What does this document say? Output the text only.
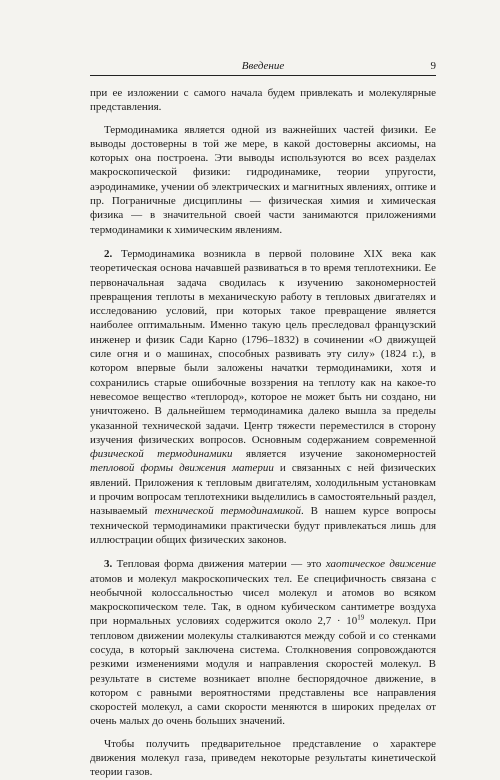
Введение	9

при ее изложении с самого начала будем привлекать и молекулярные представления.

Термодинамика является одной из важнейших частей физики. Ее выводы достоверны в той же мере, в какой достоверны аксиомы, на которых она построена. Эти выводы используются во всех разделах макроскопической физики: гидродинамике, теории упругости, аэродинамике, учении об электрических и магнитных явлениях, оптике и пр. Пограничные дисциплины — физическая химия и химическая физика — в значительной своей части занимаются приложениями термодинамики к химическим явлениям.

2. Термодинамика возникла в первой половине XIX века как теоретическая основа начавшей развиваться в то время теплотехники. Ее первоначальная задача сводилась к изучению закономерностей превращения теплоты в механическую работу в тепловых двигателях и исследованию условий, при которых такое превращение является наиболее оптимальным. Именно такую цель преследовал французский инженер и физик Сади Карно (1796–1832) в сочинении «О движущей силе огня и о машинах, способных развивать эту силу» (1824 г.), в котором впервые были заложены начатки термодинамики, хотя и сохранились старые ошибочные воззрения на теплоту как на какое-то невесомое вещество «теплород», которое не может быть ни создано, ни уничтожено. В дальнейшем термодинамика далеко вышла за пределы указанной технической задачи. Центр тяжести переместился в сторону изучения физических вопросов. Основным содержанием современной физической термодинамики является изучение закономерностей тепловой формы движения материи и связанных с ней физических явлений. Приложения к тепловым двигателям, холодильным установкам и прочим вопросам теплотехники выделились в самостоятельный раздел, называемый технической термодинамикой. В нашем курсе вопросы технической термодинамики практически будут привлекаться лишь для иллюстрации общих физических законов.

3. Тепловая форма движения материи — это хаотическое движение атомов и молекул макроскопических тел. Ее специфичность связана с необычной колоссальностью чисел молекул и атомов во всяком макроскопическом теле. Так, в одном кубическом сантиметре воздуха при нормальных условиях содержится около $2,7 \cdot 10^{19}$ молекул. При тепловом движении молекулы сталкиваются между собой и со стенками сосуда, в который заключена система. Столкновения сопровождаются резкими изменениями модуля и направления скоростей молекул. В результате в системе возникает вполне беспорядочное движение, в котором с равными вероятностями представлены все направления скоростей молекул, а сами скорости меняются в широких пределах от очень малых до очень больших значений.

Чтобы получить предварительное представление о характере движения молекул газа, приведем некоторые результаты кинетической теории газов.
